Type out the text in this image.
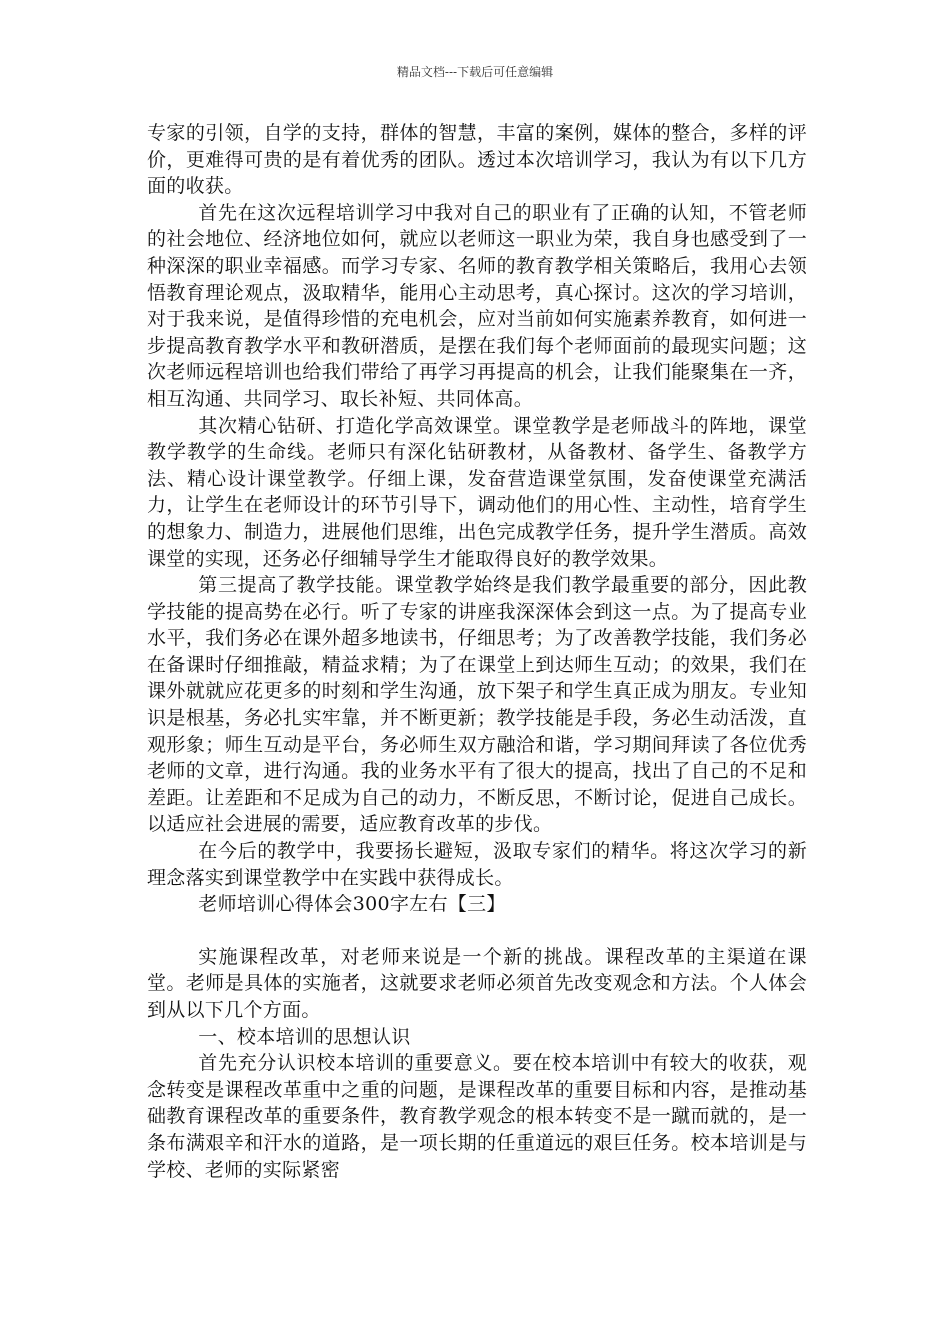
精品文档---下载后可任意编辑

专家的引领，自学的支持，群体的智慧，丰富的案例，媒体的整合，多样的评价，更难得可贵的是有着优秀的团队。透过本次培训学习，我认为有以下几方面的收获。

首先在这次远程培训学习中我对自己的职业有了正确的认知，不管老师的社会地位、经济地位如何，就应以老师这一职业为荣，我自身也感受到了一种深深的职业幸福感。而学习专家、名师的教育教学相关策略后，我用心去领悟教育理论观点，汲取精华，能用心主动思考，真心探讨。这次的学习培训，对于我来说，是值得珍惜的充电机会，应对当前如何实施素养教育，如何进一步提高教育教学水平和教研潜质，是摆在我们每个老师面前的最现实问题；这次老师远程培训也给我们带给了再学习再提高的机会，让我们能聚集在一齐，相互沟通、共同学习、取长补短、共同体高。

其次精心钻研、打造化学高效课堂。课堂教学是老师战斗的阵地，课堂教学教学的生命线。老师只有深化钻研教材，从备教材、备学生、备教学方法、精心设计课堂教学。仔细上课，发奋营造课堂氛围，发奋使课堂充满活力，让学生在老师设计的环节引导下，调动他们的用心性、主动性，培育学生的想象力、制造力，进展他们思维，出色完成教学任务，提升学生潜质。高效课堂的实现，还务必仔细辅导学生才能取得良好的教学效果。

第三提高了教学技能。课堂教学始终是我们教学最重要的部分，因此教学技能的提高势在必行。听了专家的讲座我深深体会到这一点。为了提高专业水平，我们务必在课外超多地读书，仔细思考；为了改善教学技能，我们务必在备课时仔细推敲，精益求精；为了在课堂上到达师生互动；的效果，我们在课外就就应花更多的时刻和学生沟通，放下架子和学生真正成为朋友。专业知识是根基，务必扎实牢靠，并不断更新；教学技能是手段，务必生动活泼，直观形象；师生互动是平台，务必师生双方融洽和谐，学习期间拜读了各位优秀老师的文章，进行沟通。我的业务水平有了很大的提高，找出了自己的不足和差距。让差距和不足成为自己的动力，不断反思，不断讨论，促进自己成长。以适应社会进展的需要，适应教育改革的步伐。

在今后的教学中，我要扬长避短，汲取专家们的精华。将这次学习的新理念落实到课堂教学中在实践中获得成长。

老师培训心得体会300字左右【三】

实施课程改革，对老师来说是一个新的挑战。课程改革的主渠道在课堂。老师是具体的实施者，这就要求老师必须首先改变观念和方法。个人体会到从以下几个方面。

一、校本培训的思想认识

首先充分认识校本培训的重要意义。要在校本培训中有较大的收获，观念转变是课程改革重中之重的问题，是课程改革的重要目标和内容，是推动基础教育课程改革的重要条件，教育教学观念的根本转变不是一蹴而就的，是一条布满艰辛和汗水的道路，是一项长期的任重道远的艰巨任务。校本培训是与学校、老师的实际紧密
